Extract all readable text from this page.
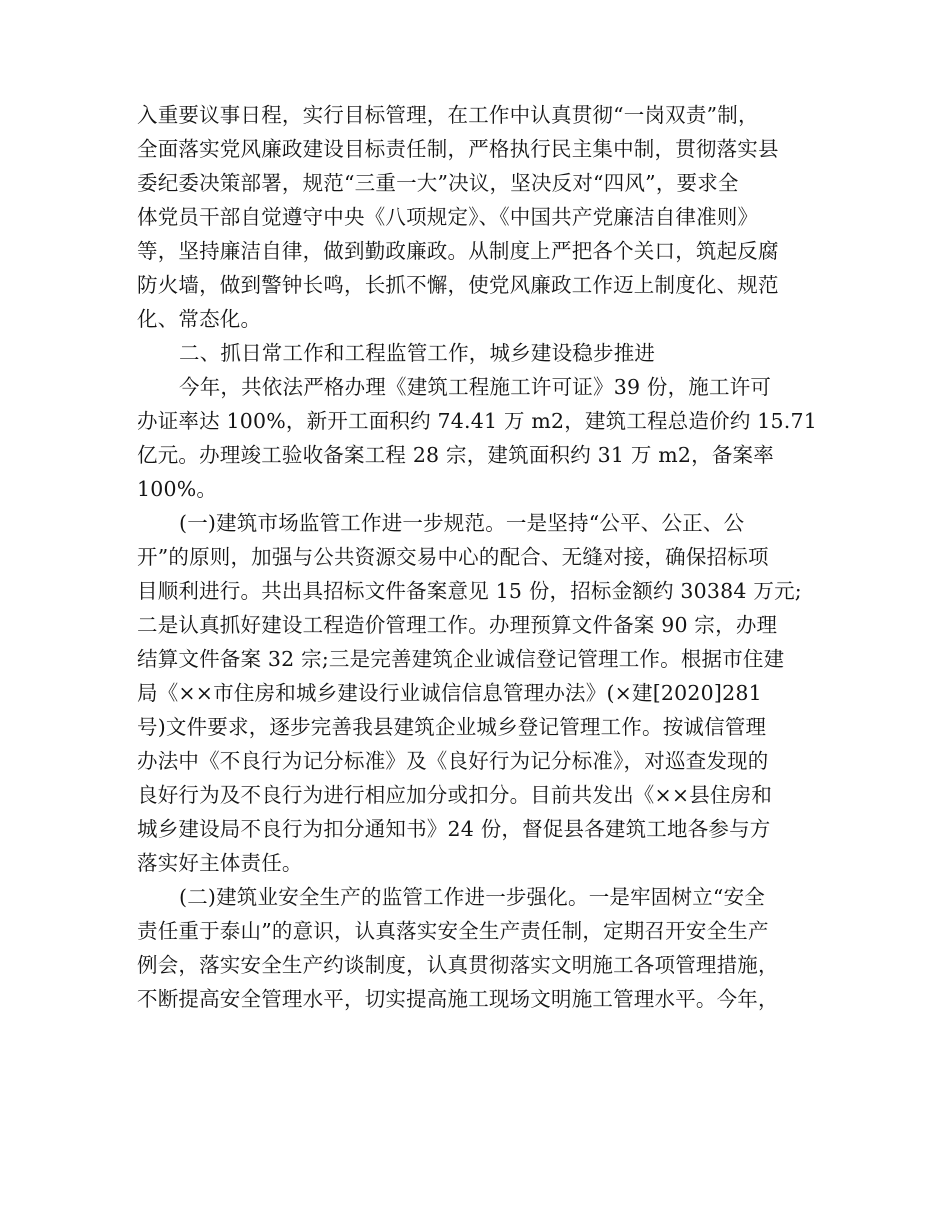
入重要议事日程，实行目标管理，在工作中认真贯彻“一岗双责”制，
全面落实党风廉政建设目标责任制，严格执行民主集中制，贯彻落实县
委纪委决策部署，规范“三重一大”决议，坚决反对“四风”，要求全
体党员干部自觉遵守中央《八项规定》、《中国共产党廉洁自律准则》
等，坚持廉洁自律，做到勤政廉政。从制度上严把各个关口，筑起反腐
防火墙，做到警钟长鸣，长抓不懈，使党风廉政工作迈上制度化、规范
化、常态化。
二、抓日常工作和工程监管工作，城乡建设稳步推进
今年，共依法严格办理《建筑工程施工许可证》39 份，施工许可
办证率达 100%，新开工面积约 74.41 万 m2，建筑工程总造价约 15.71
亿元。办理竣工验收备案工程 28 宗，建筑面积约 31 万 m2，备案率
100%。
(一)建筑市场监管工作进一步规范。一是坚持“公平、公正、公
开”的原则，加强与公共资源交易中心的配合、无缝对接，确保招标项
目顺利进行。共出具招标文件备案意见 15 份，招标金额约 30384 万元;
二是认真抓好建设工程造价管理工作。办理预算文件备案 90 宗，办理
结算文件备案 32 宗;三是完善建筑企业诚信登记管理工作。根据市住建
局《××市住房和城乡建设行业诚信信息管理办法》(×建[2020]281
号)文件要求，逐步完善我县建筑企业城乡登记管理工作。按诚信管理
办法中《不良行为记分标准》及《良好行为记分标准》，对巡查发现的
良好行为及不良行为进行相应加分或扣分。目前共发出《××县住房和
城乡建设局不良行为扣分通知书》24 份，督促县各建筑工地各参与方
落实好主体责任。
(二)建筑业安全生产的监管工作进一步强化。一是牢固树立“安全
责任重于泰山”的意识，认真落实安全生产责任制，定期召开安全生产
例会，落实安全生产约谈制度，认真贯彻落实文明施工各项管理措施，
不断提高安全管理水平，切实提高施工现场文明施工管理水平。今年，
